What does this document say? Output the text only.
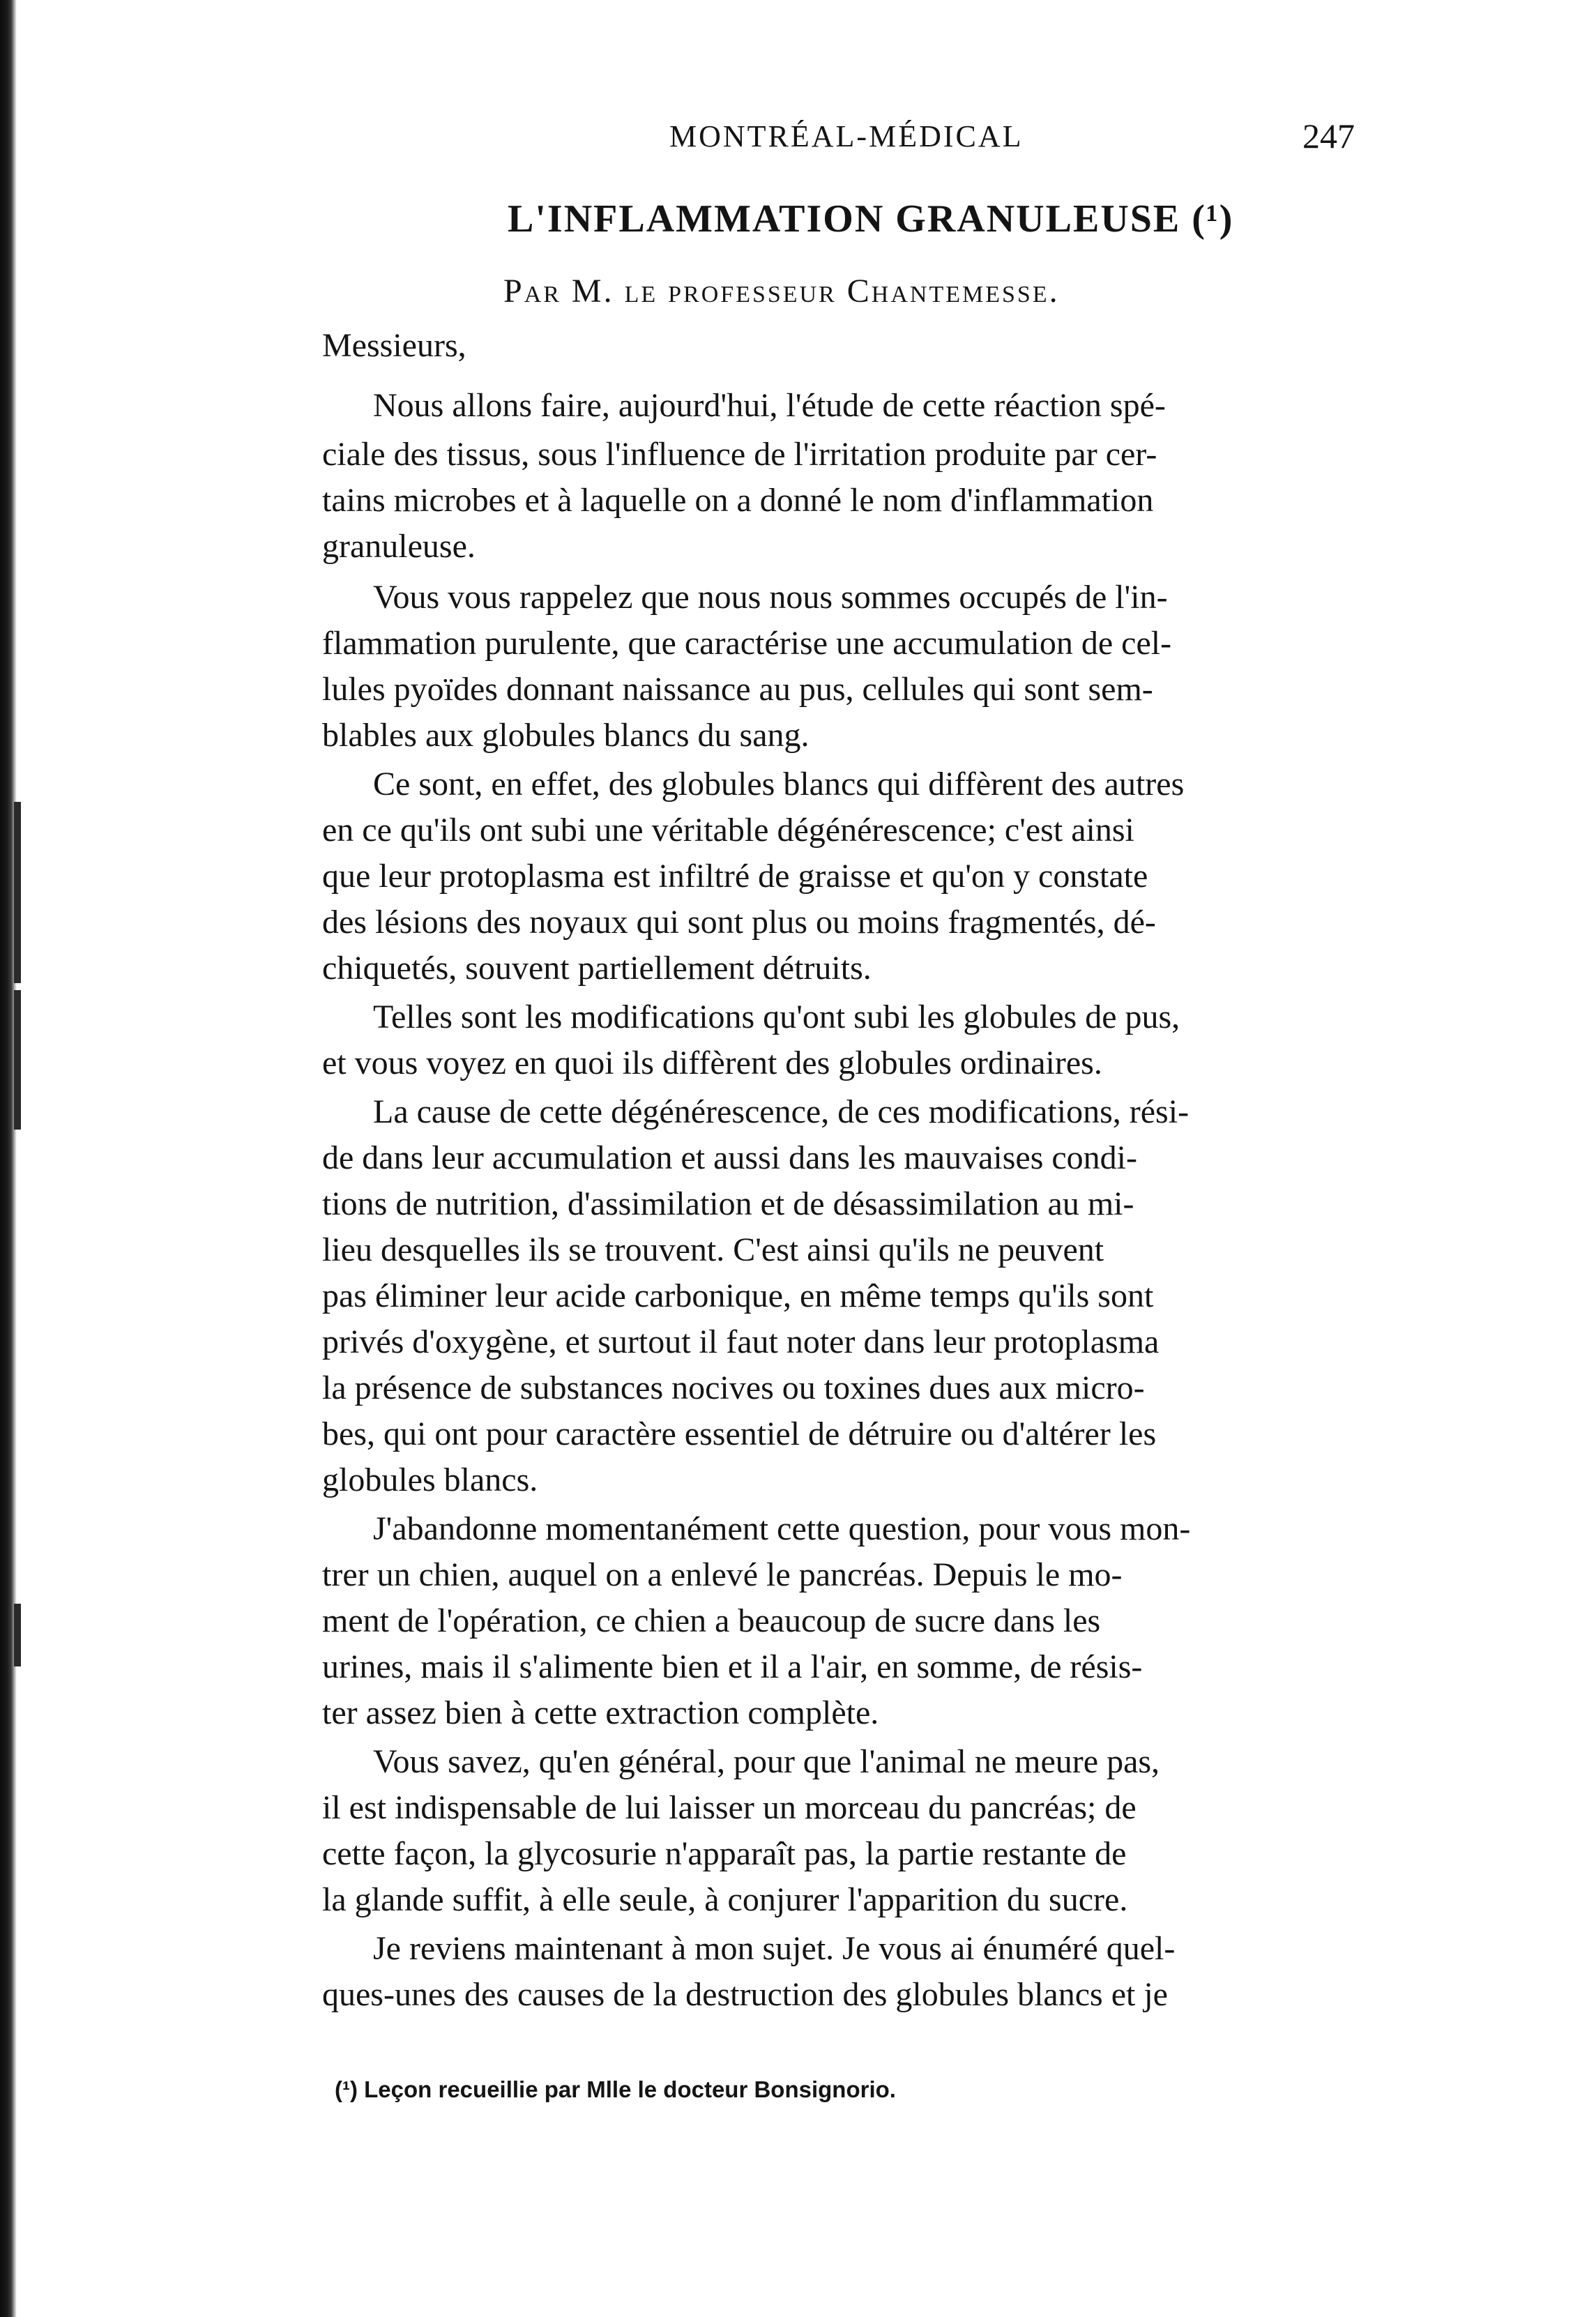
MONTRÉAL-MÉDICAL	247
L'INFLAMMATION GRANULEUSE (¹)
Par M. le professeur Chantemesse.
Messieurs,
Nous allons faire, aujourd'hui, l'étude de cette réaction spé-
ciale des tissus, sous l'influence de l'irritation produite par cer-
tains microbes et à laquelle on a donné le nom d'inflammation
granuleuse.
Vous vous rappelez que nous nous sommes occupés de l'in-
flammation purulente, que caractérise une accumulation de cel-
lules pyoïdes donnant naissance au pus, cellules qui sont sem-
blables aux globules blancs du sang.
Ce sont, en effet, des globules blancs qui diffèrent des autres
en ce qu'ils ont subi une véritable dégénérescence; c'est ainsi
que leur protoplasma est infiltré de graisse et qu'on y constate
des lésions des noyaux qui sont plus ou moins fragmentés, dé-
chiquetés, souvent partiellement détruits.
Telles sont les modifications qu'ont subi les globules de pus,
et vous voyez en quoi ils diffèrent des globules ordinaires.
La cause de cette dégénérescence, de ces modifications, rési-
de dans leur accumulation et aussi dans les mauvaises condi-
tions de nutrition, d'assimilation et de désassimilation au mi-
lieu desquelles ils se trouvent. C'est ainsi qu'ils ne peuvent
pas éliminer leur acide carbonique, en même temps qu'ils sont
privés d'oxygène, et surtout il faut noter dans leur protoplasma
la présence de substances nocives ou toxines dues aux micro-
bes, qui ont pour caractère essentiel de détruire ou d'altérer les
globules blancs.
J'abandonne momentanément cette question, pour vous mon-
trer un chien, auquel on a enlevé le pancréas. Depuis le mo-
ment de l'opération, ce chien a beaucoup de sucre dans les
urines, mais il s'alimente bien et il a l'air, en somme, de résis-
ter assez bien à cette extraction complète.
Vous savez, qu'en général, pour que l'animal ne meure pas,
il est indispensable de lui laisser un morceau du pancréas; de
cette façon, la glycosurie n'apparaît pas, la partie restante de
la glande suffit, à elle seule, à conjurer l'apparition du sucre.
Je reviens maintenant à mon sujet. Je vous ai énuméré quel-
ques-unes des causes de la destruction des globules blancs et je
(¹) Leçon recueillie par Mlle le docteur Bonsignorio.
